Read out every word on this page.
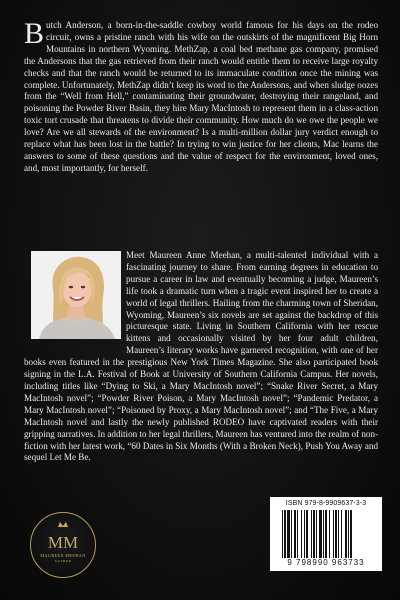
Butch Anderson, a born-in-the-saddle cowboy world famous for his days on the rodeo circuit, owns a pristine ranch with his wife on the outskirts of the magnificent Big Horn Mountains in northern Wyoming. MethZap, a coal bed methane gas company, promised the Andersons that the gas retrieved from their ranch would entitle them to receive large royalty checks and that the ranch would be returned to its immaculate condition once the mining was complete. Unfortunately, MethZap didn’t keep its word to the Andersons, and when sludge oozes from the “Well from Hell,” contaminating their groundwater, destroying their rangeland, and poisoning the Powder River Basin, they hire Mary MacIntosh to represent them in a class-action toxic tort crusade that threatens to divide their community. How much do we owe the people we love? Are we all stewards of the environment? Is a multi-million dollar jury verdict enough to replace what has been lost in the battle? In trying to win justice for her clients, Mac learns the answers to some of these questions and the value of respect for the environment, loved ones, and, most importantly, for herself.

Meet Maureen Anne Meehan, a multi-talented individual with a fascinating journey to share. From earning degrees in education to pursue a career in law and eventually becoming a judge, Maureen’s life took a dramatic turn when a tragic event inspired her to create a world of legal thrillers. Hailing from the charming town of Sheridan, Wyoming, Maureen’s six novels are set against the backdrop of this picturesque state. Living in Southern California with her rescue kittens and occasionally visited by her four adult children, Maureen’s literary works have garnered recognition, with one of her books even featured in the prestigious New York Times Magazine. She also participated book signing in the L.A. Festival of Book at University of Southern California Campus. Her novels, including titles like “Dying to Ski, a Mary MacIntosh novel”; “Snake River Secret, a Mary MacIntosh novel”; “Powder River Poison, a Mary MacIntosh novel”; “Pandemic Predator, a Mary MacIntosh novel”; “Poisoned by Proxy, a Mary MacIntosh novel”; and “The Five, a Mary MacIntosh novel and lastly the newly published RODEO have captivated readers with their gripping narratives. In addition to her legal thrillers, Maureen has ventured into the realm of non-fiction with her latest work, “60 Dates in Six Months (With a Broken Neck), Push You Away and sequel Let Me Be.

MM
MAUREEN MEEHAN
AUTHOR
ISBN 979-8-9909637-3-3
9 798990 963733
